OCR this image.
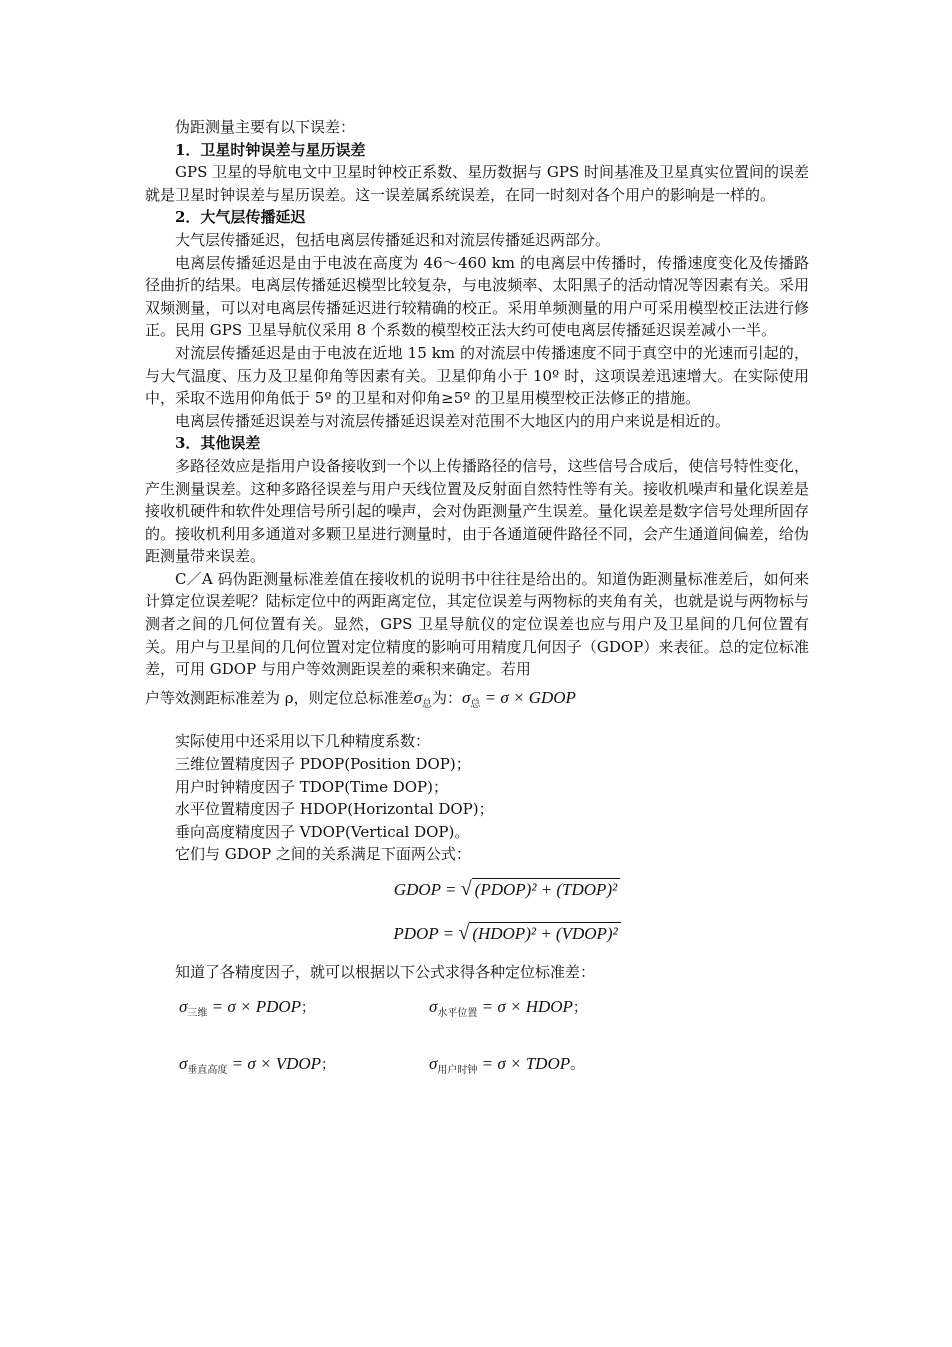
伪距测量主要有以下误差：

1．卫星时钟误差与星历误差

GPS 卫星的导航电文中卫星时钟校正系数、星历数据与 GPS 时间基准及卫星真实位置间的误差就是卫星时钟误差与星历误差。这一误差属系统误差，在同一时刻对各个用户的影响是一样的。

2．大气层传播延迟

大气层传播延迟，包括电离层传播延迟和对流层传播延迟两部分。

电离层传播延迟是由于电波在高度为 46～460 km 的电离层中传播时，传播速度变化及传播路径曲折的结果。电离层传播延迟模型比较复杂，与电波频率、太阳黑子的活动情况等因素有关。采用双频测量，可以对电离层传播延迟进行较精确的校正。采用单频测量的用户可采用模型校正法进行修正。民用 GPS 卫星导航仪采用 8 个系数的模型校正法大约可使电离层传播延迟误差减小一半。

对流层传播延迟是由于电波在近地 15 km 的对流层中传播速度不同于真空中的光速而引起的，与大气温度、压力及卫星仰角等因素有关。卫星仰角小于 10º 时，这项误差迅速增大。在实际使用中，采取不选用仰角低于 5º 的卫星和对仰角≥5º 的卫星用模型校正法修正的措施。

电离层传播延迟误差与对流层传播延迟误差对范围不大地区内的用户来说是相近的。

3．其他误差

多路径效应是指用户设备接收到一个以上传播路径的信号，这些信号合成后，使信号特性变化，产生测量误差。这种多路径误差与用户天线位置及反射面自然特性等有关。接收机噪声和量化误差是接收机硬件和软件处理信号所引起的噪声，会对伪距测量产生误差。量化误差是数字信号处理所固存的。接收机利用多通道对多颗卫星进行测量时，由于各通道硬件路径不同，会产生通道间偏差，给伪距测量带来误差。

C／A 码伪距测量标准差值在接收机的说明书中往往是给出的。知道伪距测量标准差后，如何来计算定位误差呢？陆标定位中的两距离定位，其定位误差与两物标的夹角有关，也就是说与两物标与测者之间的几何位置有关。显然，GPS 卫星导航仪的定位误差也应与用户及卫星间的几何位置有关。用户与卫星间的几何位置对定位精度的影响可用精度几何因子（GDOP）来表征。总的定位标准差，可用 GDOP 与用户等效测距误差的乘积来确定。若用

户等效测距标准差为 ρ，则定位总标准差$\sigma_总$为：$\sigma_总 = \sigma$ × GDOP

实际使用中还采用以下几种精度系数：

三维位置精度因子 PDOP(Position DOP)；

用户时钟精度因子 TDOP(Time DOP)；

水平位置精度因子 HDOP(Horizontal DOP)；

垂向高度精度因子 VDOP(Vertical DOP)。

它们与 GDOP 之间的关系满足下面两公式：

GDOP = √ (PDOP)² + (TDOP)²

PDOP = √ (HDOP)² + (VDOP)²

知道了各精度因子，就可以根据以下公式求得各种定位标准差：

$\sigma_{三维} = \sigma$ × PDOP；	$\sigma_{水平位置} = \sigma$ × HDOP；
$\sigma_{垂直高度} = \sigma$ × VDOP；	$\sigma_{用户时钟} = \sigma$ × TDOP。
